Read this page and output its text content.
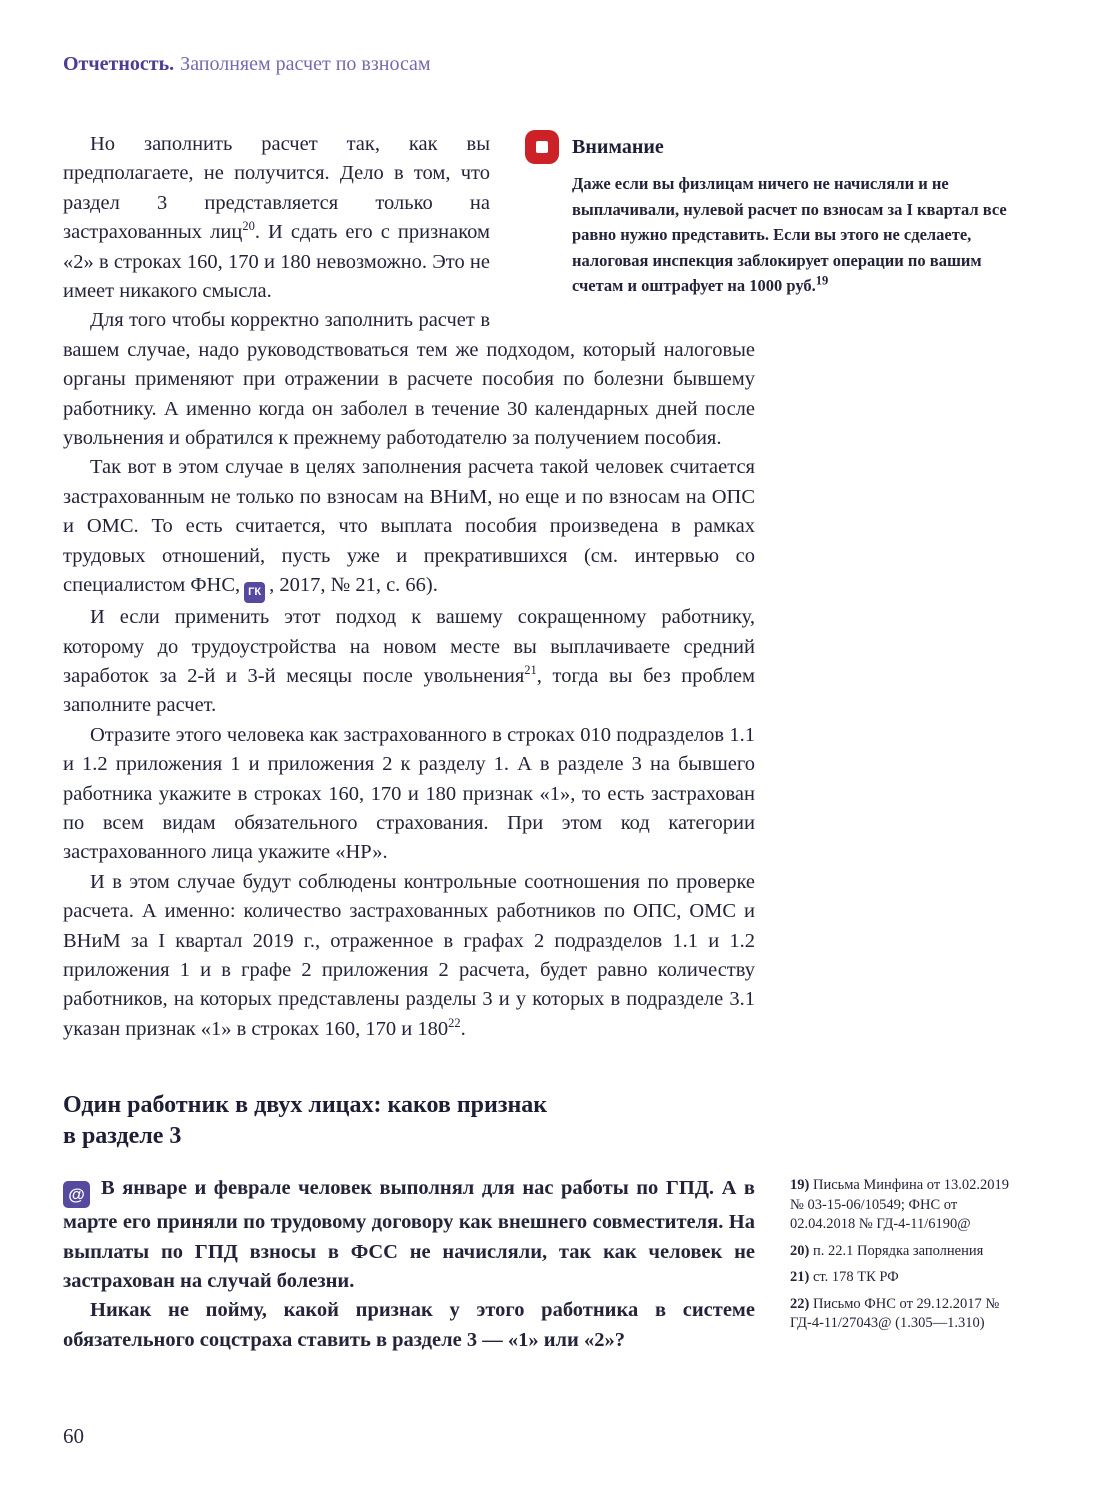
Отчетность. Заполняем расчет по взносам
Внимание

Даже если вы физлицам ничего не начисляли и не выплачивали, нулевой расчет по взносам за I квартал все равно нужно представить. Если вы этого не сделаете, налоговая инспекция заблокирует операции по вашим счетам и оштрафует на 1000 руб.$^{19}$

Но заполнить расчет так, как вы предполагаете, не получится. Дело в том, что раздел 3 представляется только на застрахованных лиц$^{20}$. И сдать его с признаком «2» в строках 160, 170 и 180 невозможно. Это не имеет никакого смысла.

Для того чтобы корректно заполнить расчет в вашем случае, надо руководствоваться тем же подходом, который налоговые органы применяют при отражении в расчете пособия по болезни бывшему работнику. А именно когда он заболел в течение 30 календарных дней после увольнения и обратился к прежнему работодателю за получением пособия.

Так вот в этом случае в целях заполнения расчета такой человек считается застрахованным не только по взносам на ВНиМ, но еще и по взносам на ОПС и ОМС. То есть считается, что выплата пособия произведена в рамках трудовых отношений, пусть уже и прекратившихся (см. интервью со специалистом ФНС, ГК , 2017, № 21, с. 66).

И если применить этот подход к вашему сокращенному работнику, которому до трудоустройства на новом месте вы выплачиваете средний заработок за 2-й и 3-й месяцы после увольнения$^{21}$, тогда вы без проблем заполните расчет.

Отразите этого человека как застрахованного в строках 010 подразделов 1.1 и 1.2 приложения 1 и приложения 2 к разделу 1. А в разделе 3 на бывшего работника укажите в строках 160, 170 и 180 признак «1», то есть застрахован по всем видам обязательного страхования. При этом код категории застрахованного лица укажите «НР».

И в этом случае будут соблюдены контрольные соотношения по проверке расчета. А именно: количество застрахованных работников по ОПС, ОМС и ВНиМ за I квартал 2019 г., отраженное в графах 2 подразделов 1.1 и 1.2 приложения 1 и в графе 2 приложения 2 расчета, будет равно количеству работников, на которых представлены разделы 3 и у которых в подразделе 3.1 указан признак «1» в строках 160, 170 и 180$^{22}$.

Один работник в двух лицах: каков признак
в разделе 3

@ В январе и феврале человек выполнял для нас работы по ГПД. А в марте его приняли по трудовому договору как внешнего совместителя. На выплаты по ГПД взносы в ФСС не начисляли, так как человек не застрахован на случай болезни.

Никак не пойму, какой признак у этого работника в системе обязательного соцстраха ставить в разделе 3 — «1» или «2»?

19) Письма Минфина от 13.02.2019 № 03-15-06/10549; ФНС от 02.04.2018 № ГД-4-11/6190@

20) п. 22.1 Порядка заполнения

21) ст. 178 ТК РФ

22) Письмо ФНС от 29.12.2017 № ГД-4-11/27043@ (1.305—1.310)

60
